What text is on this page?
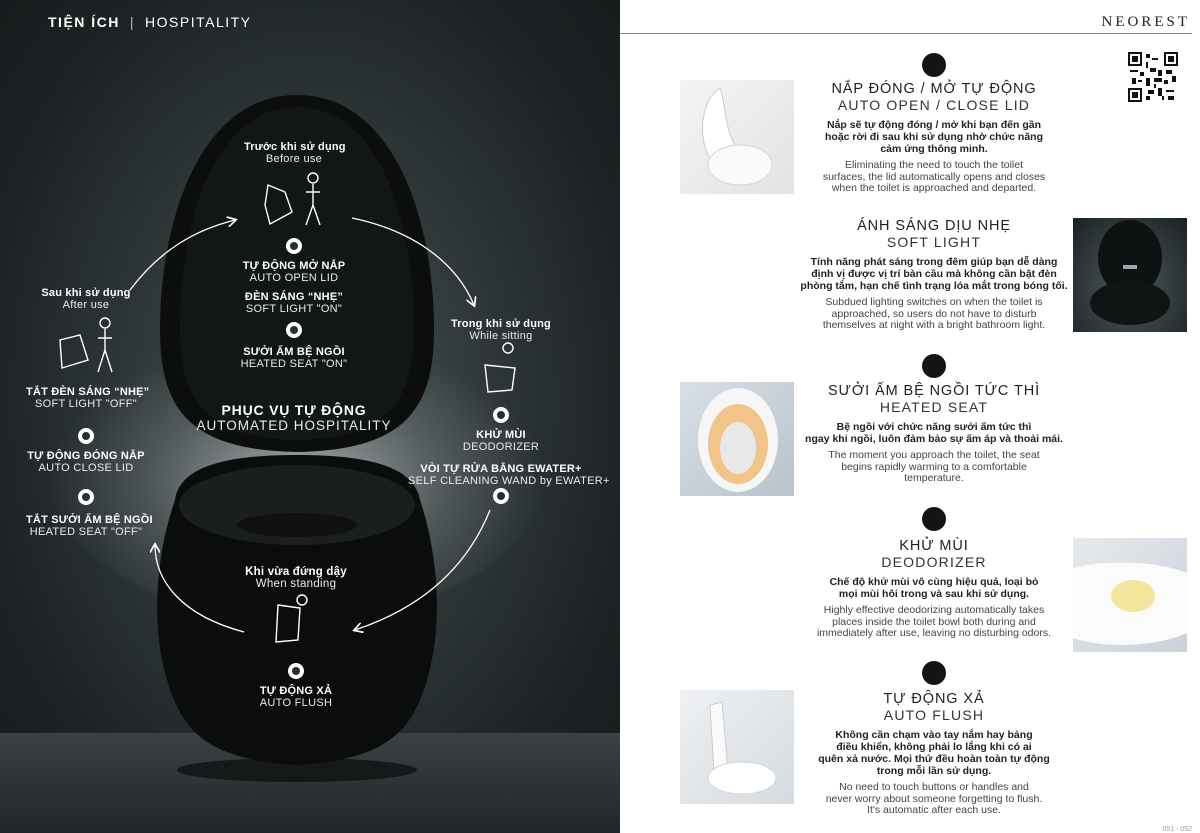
TIỆN ÍCH | HOSPITALITY
Trước khi sử dụng
Before use
TỰ ĐỘNG MỞ NẮP
AUTO OPEN LID
ĐÈN SÁNG “NHẸ”
SOFT LIGHT "ON"
SƯỞI ẤM BỆ NGỒI
HEATED SEAT "ON"
PHỤC VỤ TỰ ĐỘNG
AUTOMATED HOSPITALITY
Sau khi sử dụng
After use
TẮT ĐÈN SÁNG “NHẸ”
SOFT LIGHT "OFF"
TỰ ĐỘNG ĐÓNG NẮP
AUTO CLOSE LID
TẮT SƯỞI ẤM BỆ NGỒI
HEATED SEAT "OFF"
Trong khi sử dụng
While sitting
KHỬ MÙI
DEODORIZER
VÒI TỰ RỬA BẰNG EWATER+
SELF CLEANING WAND by EWATER+
Khi vừa đứng dậy
When standing
TỰ ĐỘNG XẢ
AUTO FLUSH
NEOREST
NẮP ĐÓNG / MỞ TỰ ĐỘNG
AUTO OPEN / CLOSE LID
Nắp sẽ tự động đóng / mở khi bạn đến gần
hoặc rời đi sau khi sử dụng nhờ chức năng
cảm ứng thông minh.
Eliminating the need to touch the toilet
surfaces, the lid automatically opens and closes
when the toilet is approached and departed.
ÁNH SÁNG DỊU NHẸ
SOFT LIGHT
Tính năng phát sáng trong đêm giúp bạn dễ dàng
định vị được vị trí bàn cầu mà không cần bật đèn
phòng tắm, hạn chế tình trạng lóa mắt trong bóng tối.
Subdued lighting switches on when the toilet is
approached, so users do not have to disturb
themselves at night with a bright bathroom light.
SƯỞI ẤM BỆ NGỒI TỨC THÌ
HEATED SEAT
Bệ ngồi với chức năng sưởi ấm tức thì
ngay khi ngồi, luôn đảm bảo sự ấm áp và thoải mái.
The moment you approach the toilet, the seat
begins rapidly warming to a comfortable
temperature.
KHỬ MÙI
DEODORIZER
Chế độ khử mùi vô cùng hiệu quả, loại bỏ
mọi mùi hôi trong và sau khi sử dụng.
Highly effective deodorizing automatically takes
places inside the toilet bowl both during and
immediately after use, leaving no disturbing odors.
TỰ ĐỘNG XẢ
AUTO FLUSH
Không cần chạm vào tay nắm hay bảng
điều khiển, không phải lo lắng khi có ai
quên xả nước. Mọi thứ đều hoàn toàn tự động
trong mỗi lần sử dụng.
No need to touch buttons or handles and
never worry about someone forgetting to flush.
It's automatic after each use.
051 - 052
